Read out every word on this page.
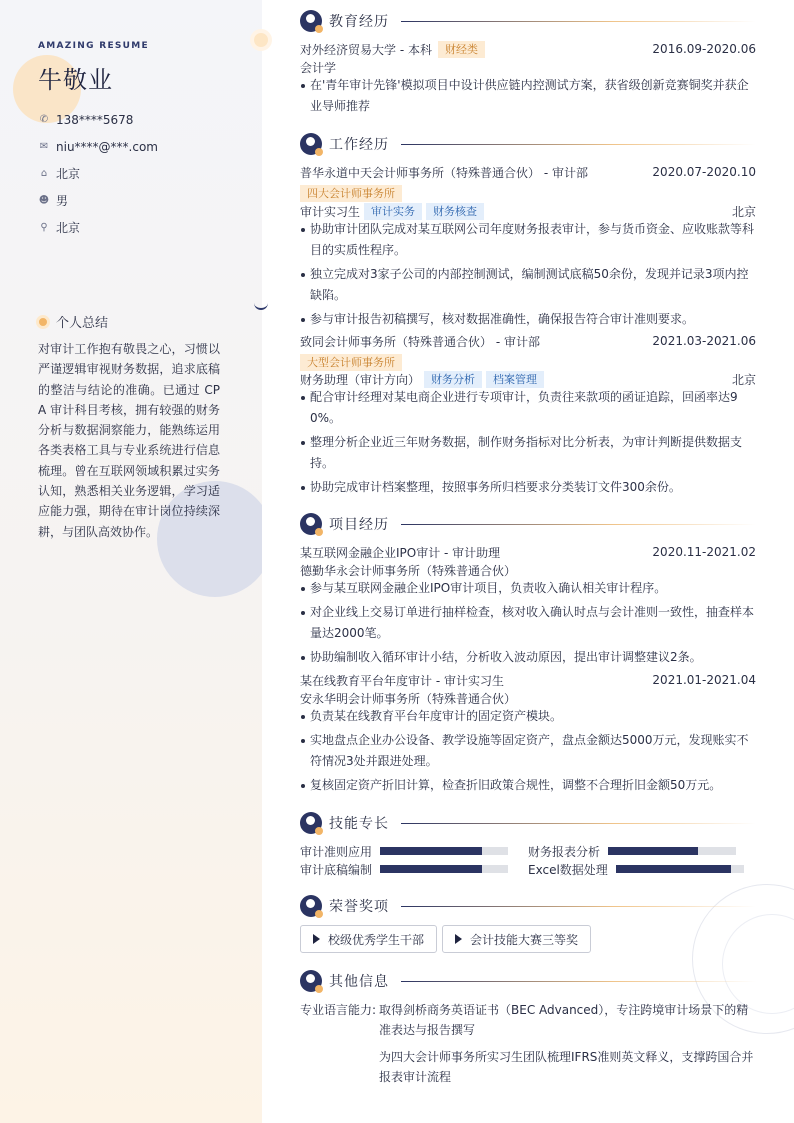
AMAZING RESUME
牛敬业
✆ 138****5678
✉ niu****@***.com
⌂ 北京
☻ 男
⚲ 北京
个人总结
对审计工作抱有敬畏之心，习惯以严谨逻辑审视财务数据，追求底稿的整洁与结论的准确。已通过 CPA 审计科目考核，拥有较强的财务分析与数据洞察能力，能熟练运用各类表格工具与专业系统进行信息梳理。曾在互联网领域积累过实务认知，熟悉相关业务逻辑，学习适应能力强，期待在审计岗位持续深耕，与团队高效协作。
教育经历
对外经济贸易大学 - 本科	财经类	2016.09-2020.06
会计学
在'青年审计先锋'模拟项目中设计供应链内控测试方案，获省级创新竞赛铜奖并获企业导师推荐
工作经历
普华永道中天会计师事务所（特殊普通合伙） - 审计部	2020.07-2020.10
四大会计师事务所
审计实习生	审计实务	财务核查	北京
协助审计团队完成对某互联网公司年度财务报表审计，参与货币资金、应收账款等科目的实质性程序。
独立完成对3家子公司的内部控制测试，编制测试底稿50余份，发现并记录3项内控缺陷。
参与审计报告初稿撰写，核对数据准确性，确保报告符合审计准则要求。
致同会计师事务所（特殊普通合伙） - 审计部	2021.03-2021.06
大型会计师事务所
财务助理（审计方向）	财务分析	档案管理	北京
配合审计经理对某电商企业进行专项审计，负责往来款项的函证追踪，回函率达90%。
整理分析企业近三年财务数据，制作财务指标对比分析表，为审计判断提供数据支持。
协助完成审计档案整理，按照事务所归档要求分类装订文件300余份。
项目经历
某互联网金融企业IPO审计 - 审计助理	2020.11-2021.02
德勤华永会计师事务所（特殊普通合伙）
参与某互联网金融企业IPO审计项目，负责收入确认相关审计程序。
对企业线上交易订单进行抽样检查，核对收入确认时点与会计准则一致性，抽查样本量达2000笔。
协助编制收入循环审计小结，分析收入波动原因，提出审计调整建议2条。
某在线教育平台年度审计 - 审计实习生	2021.01-2021.04
安永华明会计师事务所（特殊普通合伙）
负责某在线教育平台年度审计的固定资产模块。
实地盘点企业办公设备、教学设施等固定资产，盘点金额达5000万元，发现账实不符情况3处并跟进处理。
复核固定资产折旧计算，检查折旧政策合规性，调整不合理折旧金额50万元。
技能专长
审计准则应用	财务报表分析
审计底稿编制	Excel数据处理
荣誉奖项
校级优秀学生干部	会计技能大赛三等奖
其他信息
专业语言能力: 取得剑桥商务英语证书（BEC Advanced），专注跨境审计场景下的精准表达与报告撰写
为四大会计师事务所实习生团队梳理IFRS准则英文释义，支撑跨国合并报表审计流程
